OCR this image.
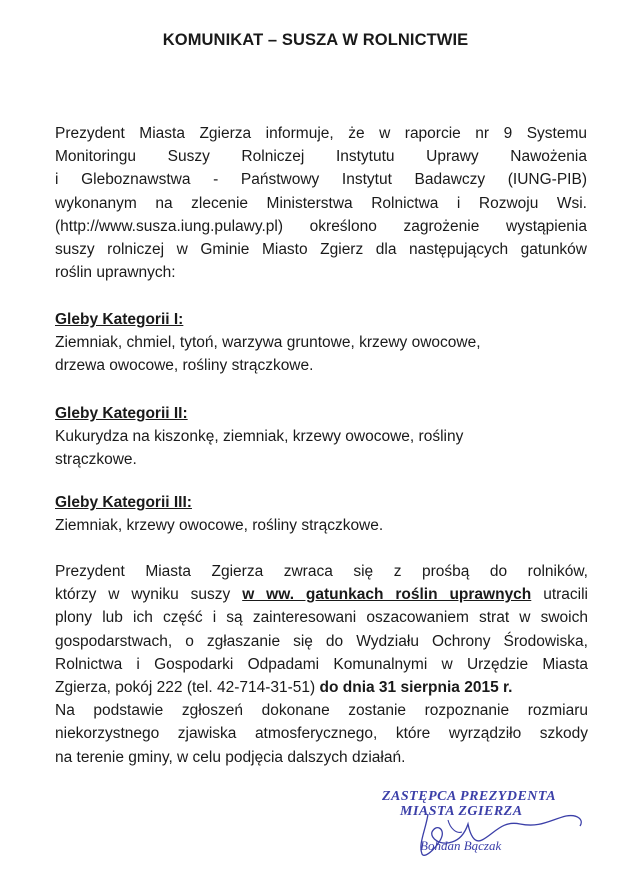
KOMUNIKAT – SUSZA W ROLNICTWIE
Prezydent Miasta Zgierza informuje, że w raporcie nr 9 Systemu
Monitoringu Suszy Rolniczej Instytutu Uprawy Nawożenia
i Gleboznawstwa - Państwowy Instytut Badawczy (IUNG-PIB)
wykonanym na zlecenie Ministerstwa Rolnictwa i Rozwoju Wsi.
(http://www.susza.iung.pulawy.pl) określono zagrożenie wystąpienia
suszy rolniczej w Gminie Miasto Zgierz dla następujących gatunków
roślin uprawnych:
Gleby Kategorii I:
Ziemniak, chmiel, tytoń, warzywa gruntowe, krzewy owocowe,
drzewa owocowe, rośliny strączkowe.
Gleby Kategorii II:
Kukurydza na kiszonkę, ziemniak, krzewy owocowe, rośliny
strączkowe.
Gleby Kategorii III:
Ziemniak, krzewy owocowe, rośliny strączkowe.
Prezydent Miasta Zgierza zwraca się z prośbą do rolników,
którzy w wyniku suszy w ww. gatunkach roślin uprawnych utracili
plony lub ich część i są zainteresowani oszacowaniem strat w swoich
gospodarstwach, o zgłaszanie się do Wydziału Ochrony Środowiska,
Rolnictwa i Gospodarki Odpadami Komunalnymi w Urzędzie Miasta
Zgierza, pokój 222 (tel. 42-714-31-51) do dnia 31 sierpnia 2015 r.
Na podstawie zgłoszeń dokonane zostanie rozpoznanie rozmiaru
niekorzystnego zjawiska atmosferycznego, które wyrządziło szkody
na terenie gminy, w celu podjęcia dalszych działań.
ZASTĘPCA PREZYDENTA
MIASTA ZGIERZA
Bohdan Bączak
